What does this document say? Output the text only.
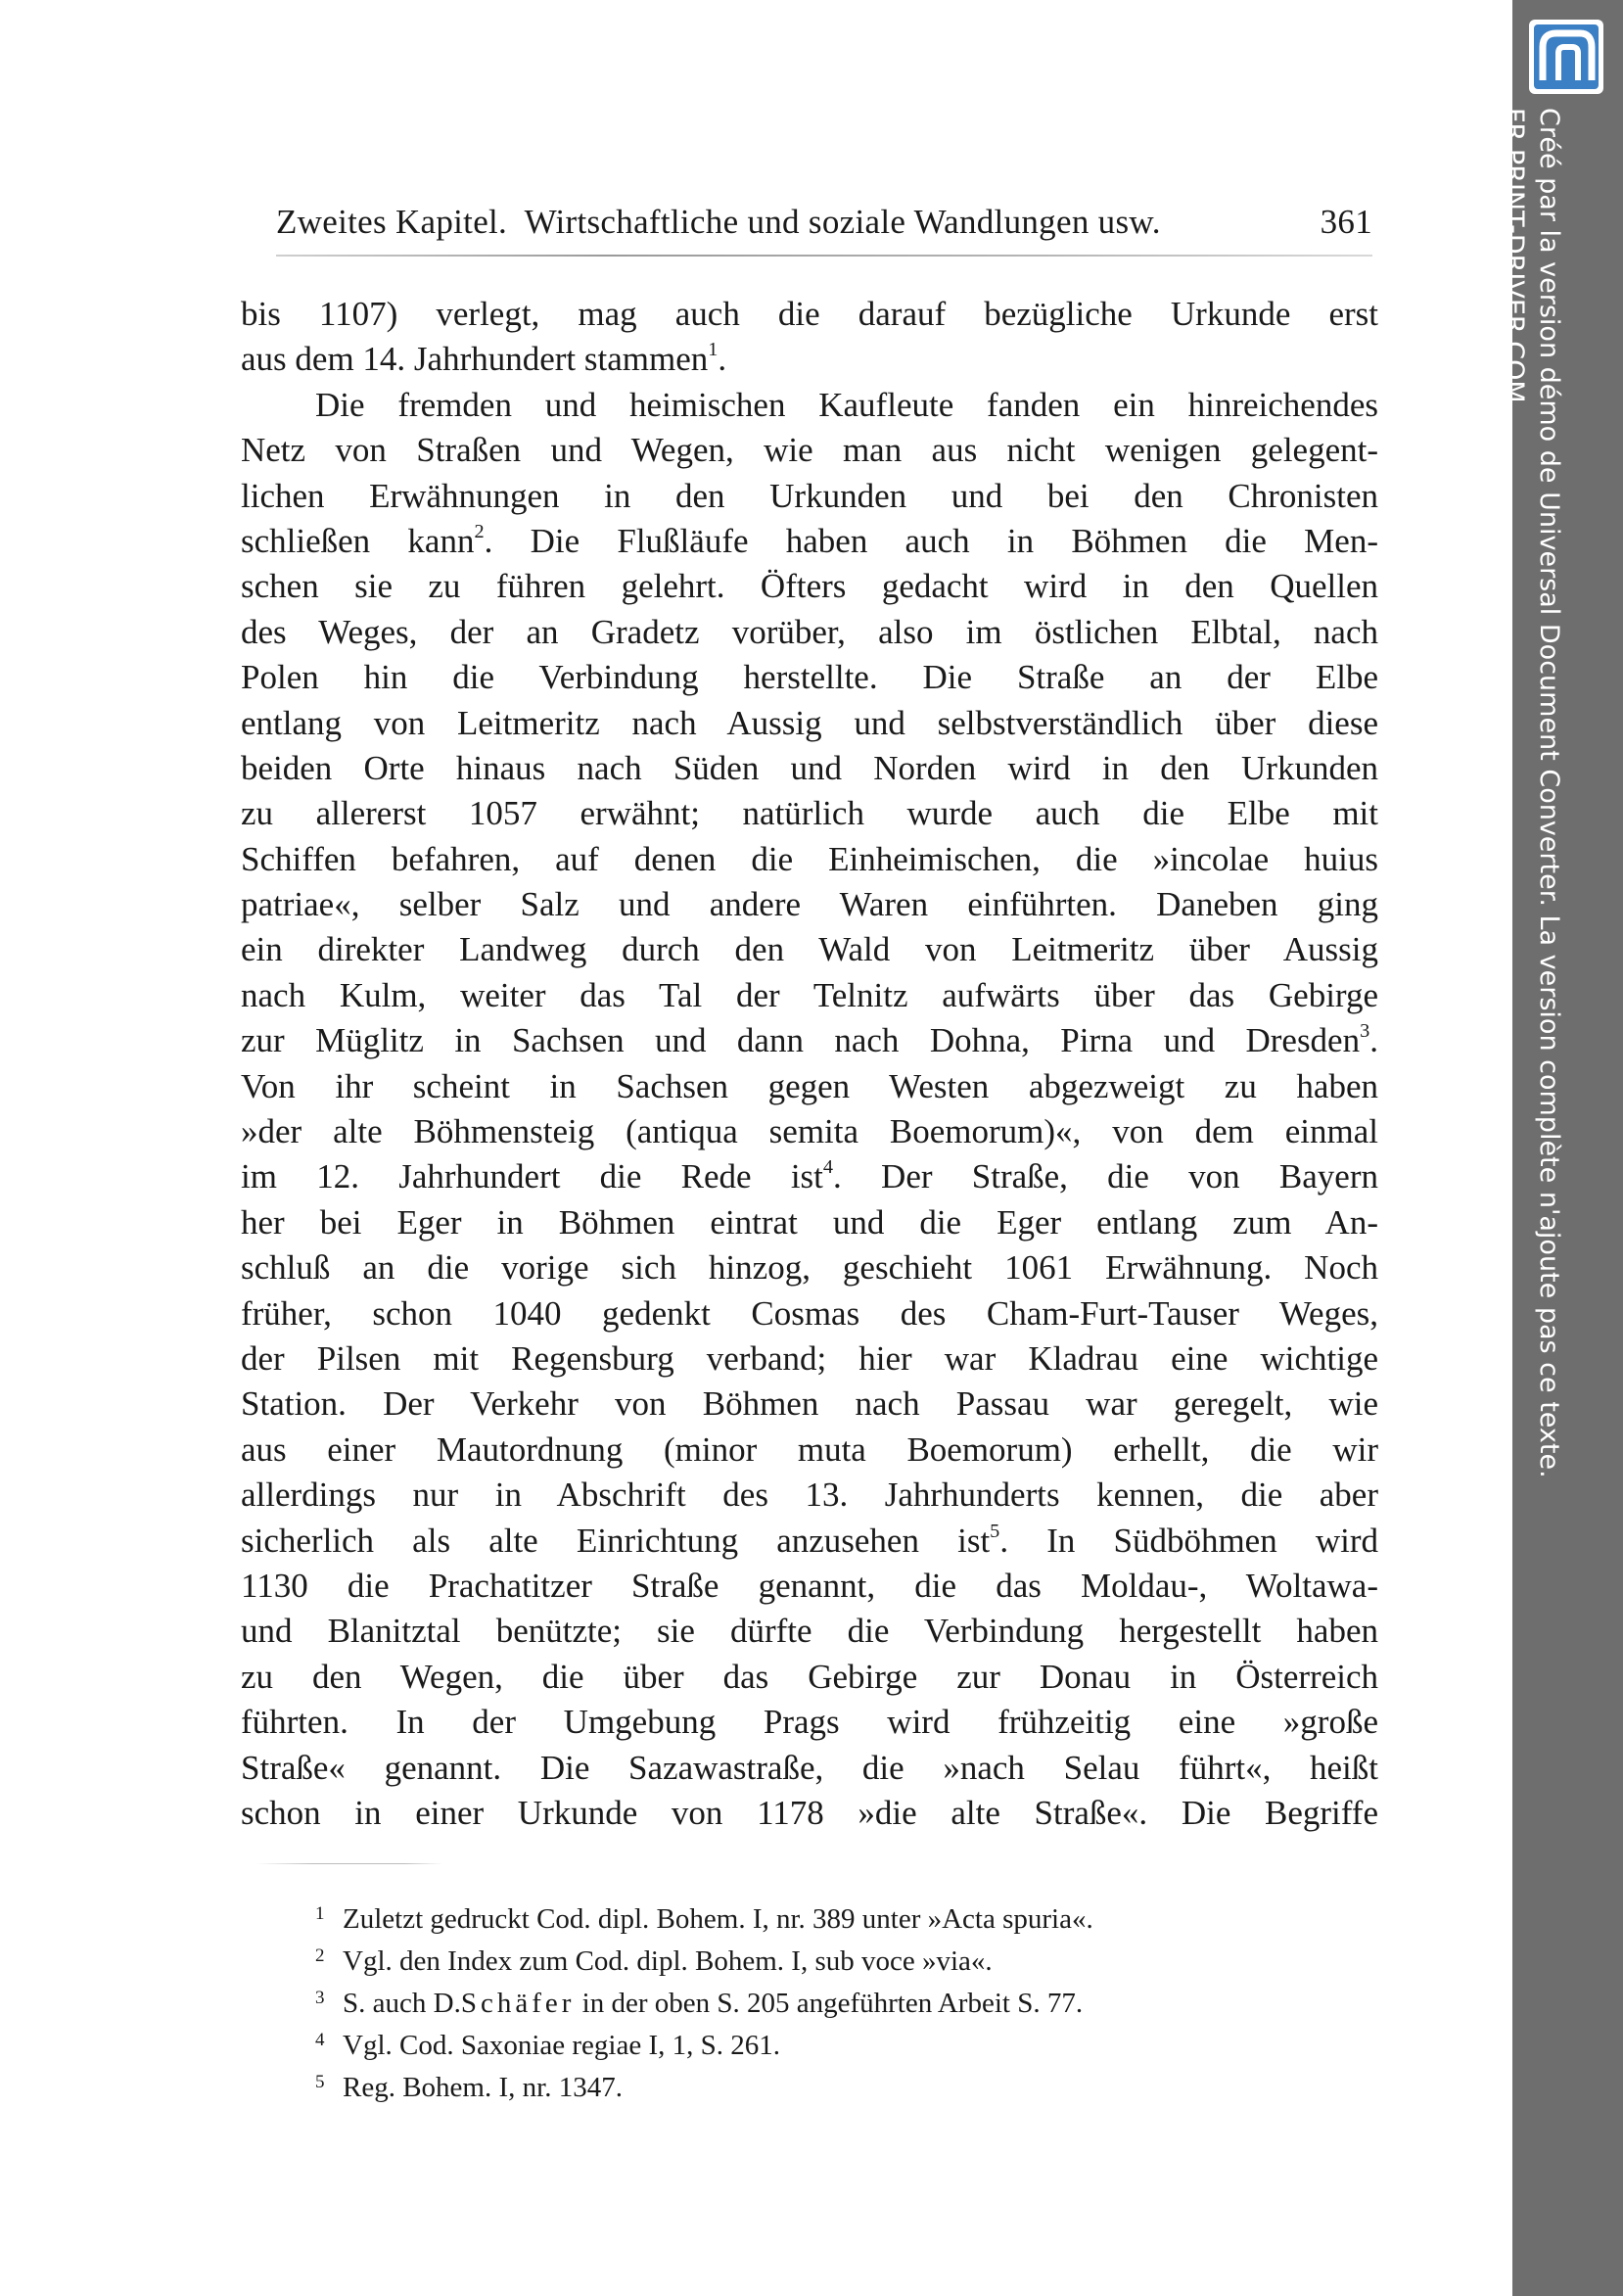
Zweites Kapitel.  Wirtschaftliche und soziale Wandlungen usw.	361
bis 1107) verlegt, mag auch die darauf bezügliche Urkunde erst
aus dem 14. Jahrhundert stammen$^1$.
Die fremden und heimischen Kaufleute fanden ein hinreichendes
Netz von Straßen und Wegen, wie man aus nicht wenigen gelegent-
lichen Erwähnungen in den Urkunden und bei den Chronisten
schließen kann$^2$. Die Flußläufe haben auch in Böhmen die Men-
schen sie zu führen gelehrt. Öfters gedacht wird in den Quellen
des Weges, der an Gradetz vorüber, also im östlichen Elbtal, nach
Polen hin die Verbindung herstellte. Die Straße an der Elbe
entlang von Leitmeritz nach Aussig und selbstverständlich über diese
beiden Orte hinaus nach Süden und Norden wird in den Urkunden
zu allererst 1057 erwähnt; natürlich wurde auch die Elbe mit
Schiffen befahren, auf denen die Einheimischen, die »incolae huius
patriae«, selber Salz und andere Waren einführten. Daneben ging
ein direkter Landweg durch den Wald von Leitmeritz über Aussig
nach Kulm, weiter das Tal der Telnitz aufwärts über das Gebirge
zur Müglitz in Sachsen und dann nach Dohna, Pirna und Dresden$^3$.
Von ihr scheint in Sachsen gegen Westen abgezweigt zu haben
»der alte Böhmensteig (antiqua semita Boemorum)«, von dem einmal
im 12. Jahrhundert die Rede ist$^4$. Der Straße, die von Bayern
her bei Eger in Böhmen eintrat und die Eger entlang zum An-
schluß an die vorige sich hinzog, geschieht 1061 Erwähnung. Noch
früher, schon 1040 gedenkt Cosmas des Cham-Furt-Tauser Weges,
der Pilsen mit Regensburg verband; hier war Kladrau eine wichtige
Station. Der Verkehr von Böhmen nach Passau war geregelt, wie
aus einer Mautordnung (minor muta Boemorum) erhellt, die wir
allerdings nur in Abschrift des 13. Jahrhunderts kennen, die aber
sicherlich als alte Einrichtung anzusehen ist$^5$. In Südböhmen wird
1130 die Prachatitzer Straße genannt, die das Moldau-, Woltawa-
und Blanitztal benützte; sie dürfte die Verbindung hergestellt haben
zu den Wegen, die über das Gebirge zur Donau in Österreich
führten. In der Umgebung Prags wird frühzeitig eine »große
Straße« genannt. Die Sazawastraße, die »nach Selau führt«, heißt
schon in einer Urkunde von 1178 »die alte Straße«. Die Begriffe
1 Zuletzt gedruckt Cod. dipl. Bohem. I, nr. 389 unter »Acta spuria«.
2 Vgl. den Index zum Cod. dipl. Bohem. I, sub voce »via«.
3 S. auch D.Schäfer in der oben S. 205 angeführten Arbeit S. 77.
4 Vgl. Cod. Saxoniae regiae I, 1, S. 261.
5 Reg. Bohem. I, nr. 1347.
Créé par la version démo de Universal Document Converter. La version complète n'ajoute pas ce texte.
FR.PRINT-DRIVER.COM
